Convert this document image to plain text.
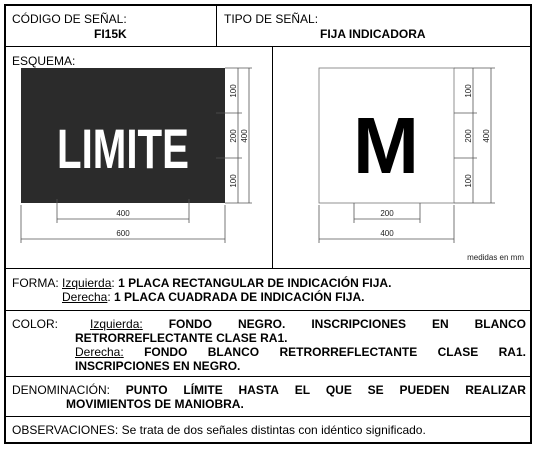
CÓDIGO DE SEÑAL:
FI15K
TIPO DE SEÑAL:
FIJA INDICADORA
ESQUEMA:
LIMITE
400
600
100
200
100
400 M
200
400
100
200
100
400
medidas en mm
FORMA: Izquierda: 1 PLACA RECTANGULAR DE INDICACIÓN FIJA.
Derecha: 1 PLACA CUADRADA DE INDICACIÓN FIJA.
COLOR:	Izquierda: FONDO NEGRO. INSCRIPCIONES EN BLANCO
RETRORREFLECTANTE CLASE RA1.
Derecha: FONDO BLANCO RETRORREFLECTANTE CLASE RA1.
INSCRIPCIONES EN NEGRO.
DENOMINACIÓN: PUNTO LÍMITE HASTA EL QUE SE PUEDEN REALIZAR
MOVIMIENTOS DE MANIOBRA.
OBSERVACIONES: Se trata de dos señales distintas con idéntico significado.
